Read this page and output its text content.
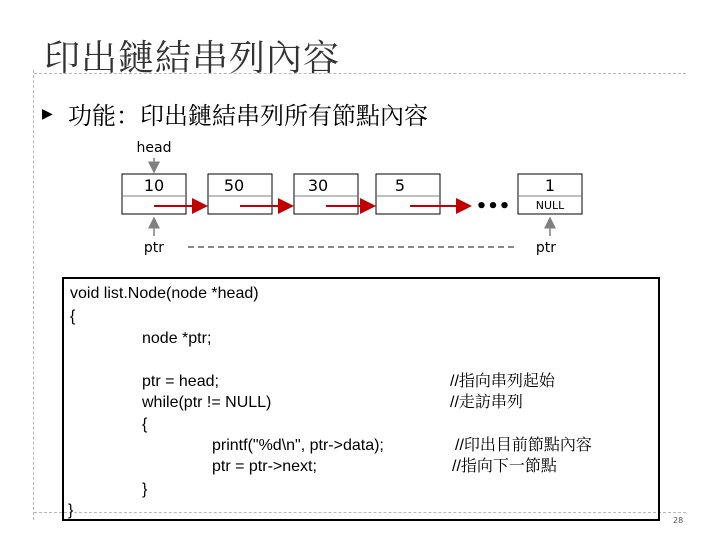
印出鏈結串列內容
▶ 功能：印出鏈結串列所有節點內容
head
10	50	30	5
•••
1
NULL
ptr	ptr
void list.Node(node *head)
{
node *ptr;
ptr = head;
while(ptr != NULL)
{
printf("%d\n", ptr->data);
ptr = ptr->next;
}
}
//指向串列起始
//走訪串列
//印出目前節點內容
//指向下一節點
28
